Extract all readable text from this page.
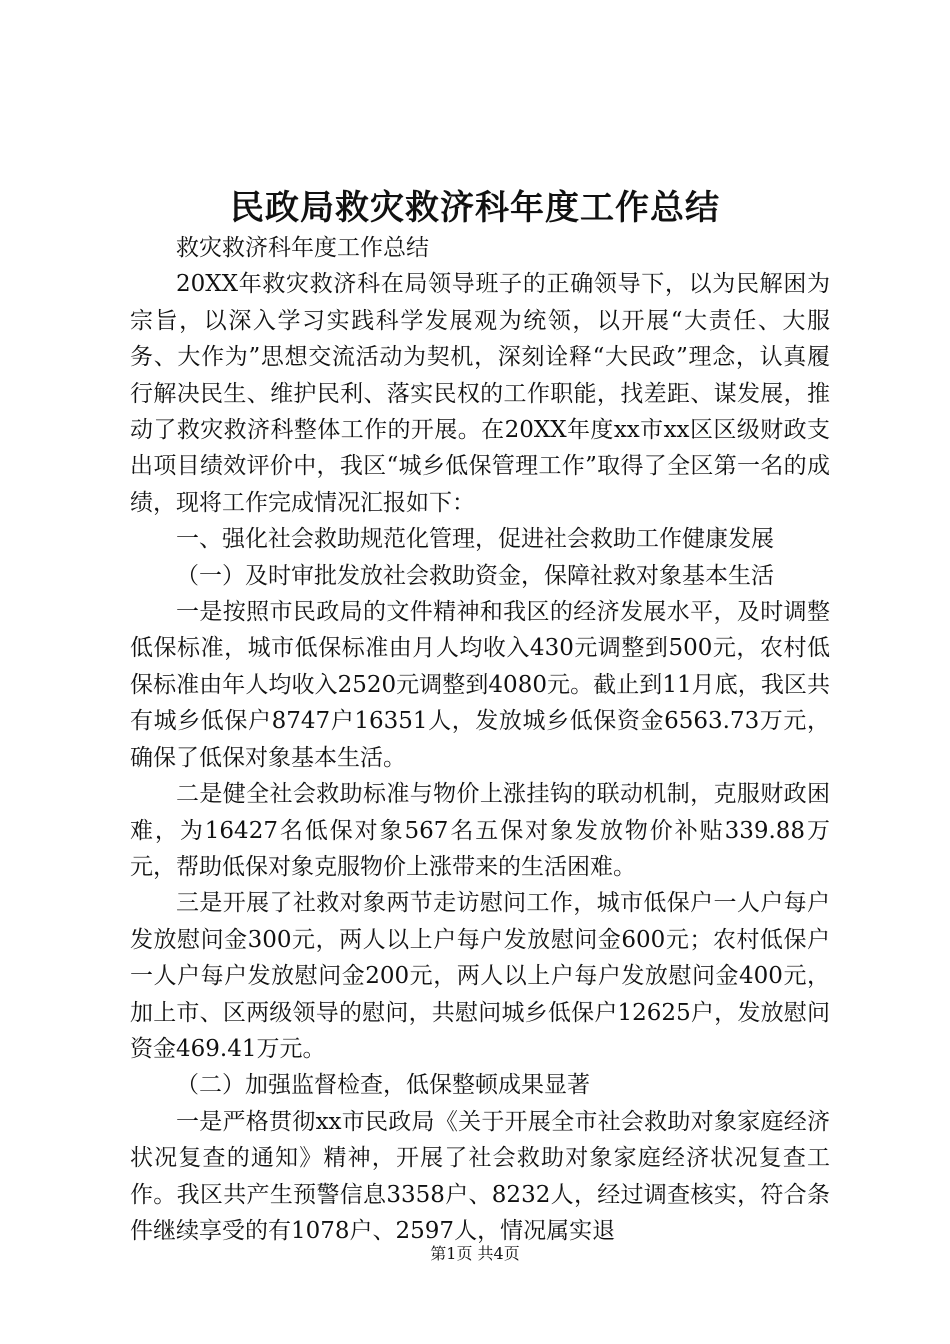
民政局救灾救济科年度工作总结

救灾救济科年度工作总结

20XX年救灾救济科在局领导班子的正确领导下，以为民解困为宗旨，以深入学习实践科学发展观为统领，以开展“大责任、大服务、大作为”思想交流活动为契机，深刻诠释“大民政”理念，认真履行解决民生、维护民利、落实民权的工作职能，找差距、谋发展，推动了救灾救济科整体工作的开展。在20XX年度xx市xx区区级财政支出项目绩效评价中，我区“城乡低保管理工作”取得了全区第一名的成绩，现将工作完成情况汇报如下：

一、强化社会救助规范化管理，促进社会救助工作健康发展

（一）及时审批发放社会救助资金，保障社救对象基本生活

一是按照市民政局的文件精神和我区的经济发展水平，及时调整低保标准，城市低保标准由月人均收入430元调整到500元，农村低保标准由年人均收入2520元调整到4080元。截止到11月底，我区共有城乡低保户8747户16351人，发放城乡低保资金6563.73万元，确保了低保对象基本生活。

二是健全社会救助标准与物价上涨挂钩的联动机制，克服财政困难，为16427名低保对象567名五保对象发放物价补贴339.88万元，帮助低保对象克服物价上涨带来的生活困难。

三是开展了社救对象两节走访慰问工作，城市低保户一人户每户发放慰问金300元，两人以上户每户发放慰问金600元；农村低保户一人户每户发放慰问金200元，两人以上户每户发放慰问金400元，加上市、区两级领导的慰问，共慰问城乡低保户12625户，发放慰问资金469.41万元。

（二）加强监督检查，低保整顿成果显著

一是严格贯彻xx市民政局《关于开展全市社会救助对象家庭经济状况复查的通知》精神，开展了社会救助对象家庭经济状况复查工作。我区共产生预警信息3358户、8232人，经过调查核实，符合条件继续享受的有1078户、2597人，情况属实退

第1页 共4页
